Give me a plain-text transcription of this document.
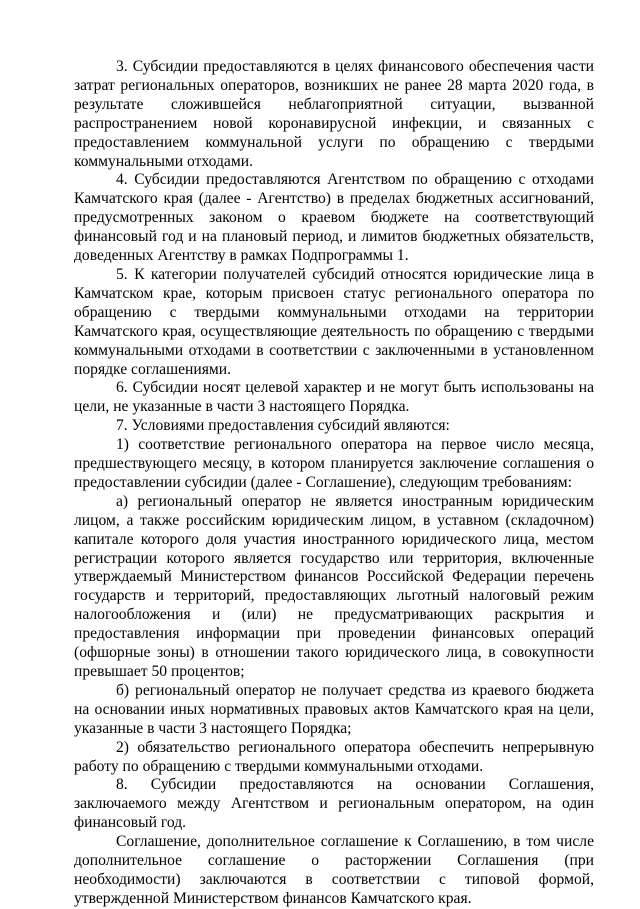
3. Субсидии предоставляются в целях финансового обеспечения части затрат региональных операторов, возникших не ранее 28 марта 2020 года, в результате сложившейся неблагоприятной ситуации, вызванной распространением новой коронавирусной инфекции, и связанных с предоставлением коммунальной услуги по обращению с твердыми коммунальными отходами.

4. Субсидии предоставляются Агентством по обращению с отходами Камчатского края (далее - Агентство) в пределах бюджетных ассигнований, предусмотренных законом о краевом бюджете на соответствующий финансовый год и на плановый период, и лимитов бюджетных обязательств, доведенных Агентству в рамках Подпрограммы 1.

5. К категории получателей субсидий относятся юридические лица в Камчатском крае, которым присвоен статус регионального оператора по обращению с твердыми коммунальными отходами на территории Камчатского края, осуществляющие деятельность по обращению с твердыми коммунальными отходами в соответствии с заключенными в установленном порядке соглашениями.

6. Субсидии носят целевой характер и не могут быть использованы на цели, не указанные в части 3 настоящего Порядка.

7. Условиями предоставления субсидий являются:

1) соответствие регионального оператора на первое число месяца, предшествующего месяцу, в котором планируется заключение соглашения о предоставлении субсидии (далее - Соглашение), следующим требованиям:

а) региональный оператор не является иностранным юридическим лицом, а также российским юридическим лицом, в уставном (складочном) капитале которого доля участия иностранного юридического лица, местом регистрации которого является государство или территория, включенные утверждаемый Министерством финансов Российской Федерации перечень государств и территорий, предоставляющих льготный налоговый режим налогообложения и (или) не предусматривающих раскрытия и предоставления информации при проведении финансовых операций (офшорные зоны) в отношении такого юридического лица, в совокупности превышает 50 процентов;

б) региональный оператор не получает средства из краевого бюджета на основании иных нормативных правовых актов Камчатского края на цели, указанные в части 3 настоящего Порядка;

2) обязательство регионального оператора обеспечить непрерывную работу по обращению с твердыми коммунальными отходами.

8. Субсидии предоставляются на основании Соглашения, заключаемого между Агентством и региональным оператором, на один финансовый год.

Соглашение, дополнительное соглашение к Соглашению, в том числе дополнительное соглашение о расторжении Соглашения (при необходимости) заключаются в соответствии с типовой формой, утвержденной Министерством финансов Камчатского края.
